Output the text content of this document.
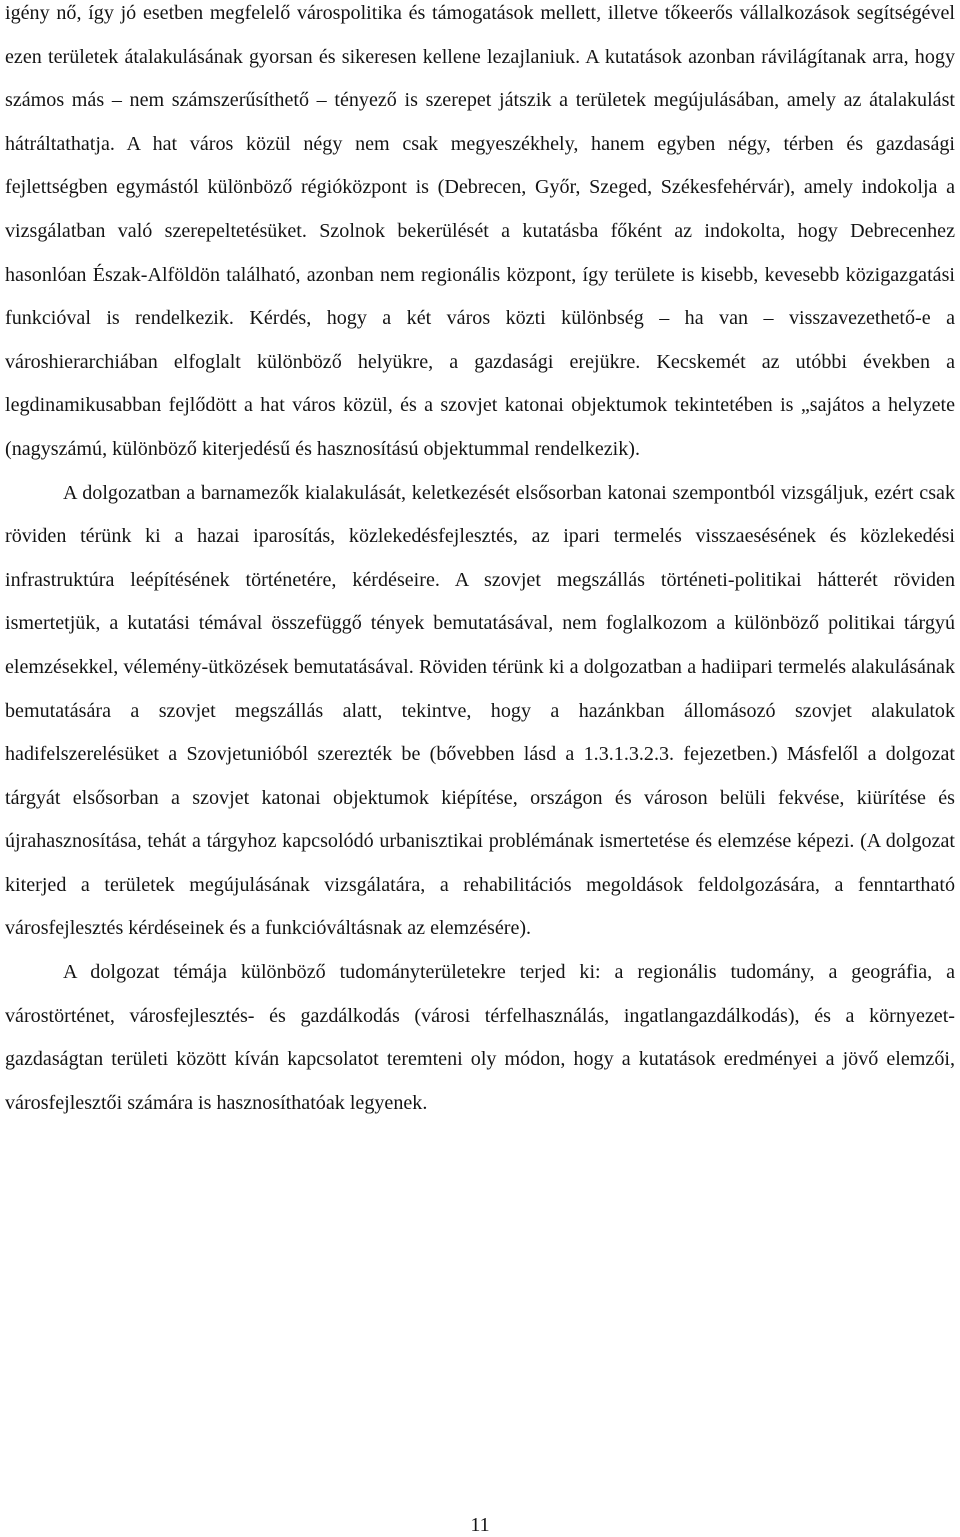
igény nő, így jó esetben megfelelő várospolitika és támogatások mellett, illetve tőkeerős vállalkozások segítségével ezen területek átalakulásának gyorsan és sikeresen kellene lezajlaniuk. A kutatások azonban rávilágítanak arra, hogy számos más – nem számszerűsíthető – tényező is szerepet játszik a területek megújulásában, amely az átalakulást hátráltathatja. A hat város közül négy nem csak megyeszékhely, hanem egyben négy, térben és gazdasági fejlettségben egymástól különböző régióközpont is (Debrecen, Győr, Szeged, Székesfehérvár), amely indokolja a vizsgálatban való szerepeltetésüket. Szolnok bekerülését a kutatásba főként az indokolta, hogy Debrecenhez hasonlóan Észak-Alföldön található, azonban nem regionális központ, így területe is kisebb, kevesebb közigazgatási funkcióval is rendelkezik. Kérdés, hogy a két város közti különbség – ha van – visszavezethető-e a városhierarchiában elfoglalt különböző helyükre, a gazdasági erejükre. Kecskemét az utóbbi években a legdinamikusabban fejlődött a hat város közül, és a szovjet katonai objektumok tekintetében is „sajátos a helyzete (nagyszámú, különböző kiterjedésű és hasznosítású objektummal rendelkezik).

A dolgozatban a barnamezők kialakulását, keletkezését elsősorban katonai szempontból vizsgáljuk, ezért csak röviden térünk ki a hazai iparosítás, közlekedésfejlesztés, az ipari termelés visszaesésének és közlekedési infrastruktúra leépítésének történetére, kérdéseire. A szovjet megszállás történeti-politikai hátterét röviden ismertetjük, a kutatási témával összefüggő tények bemutatásával, nem foglalkozom a különböző politikai tárgyú elemzésekkel, vélemény-ütközések bemutatásával. Röviden térünk ki a dolgozatban a hadiipari termelés alakulásának bemutatására a szovjet megszállás alatt, tekintve, hogy a hazánkban állomásozó szovjet alakulatok hadifelszerelésüket a Szovjetunióból szerezték be (bővebben lásd a 1.3.1.3.2.3. fejezetben.) Másfelől a dolgozat tárgyát elsősorban a szovjet katonai objektumok kiépítése, országon és városon belüli fekvése, kiürítése és újrahasznosítása, tehát a tárgyhoz kapcsolódó urbanisztikai problémának ismertetése és elemzése képezi. (A dolgozat kiterjed a területek megújulásának vizsgálatára, a rehabilitációs megoldások feldolgozására, a fenntartható városfejlesztés kérdéseinek és a funkcióváltásnak az elemzésére).

A dolgozat témája különböző tudományterületekre terjed ki: a regionális tudomány, a geográfia, a várostörténet, városfejlesztés- és gazdálkodás (városi térfelhasználás, ingatlangazdálkodás), és a környezet-gazdaságtan területi között kíván kapcsolatot teremteni oly módon, hogy a kutatások eredményei a jövő elemzői, városfejlesztői számára is hasznosíthatóak legyenek.

11
